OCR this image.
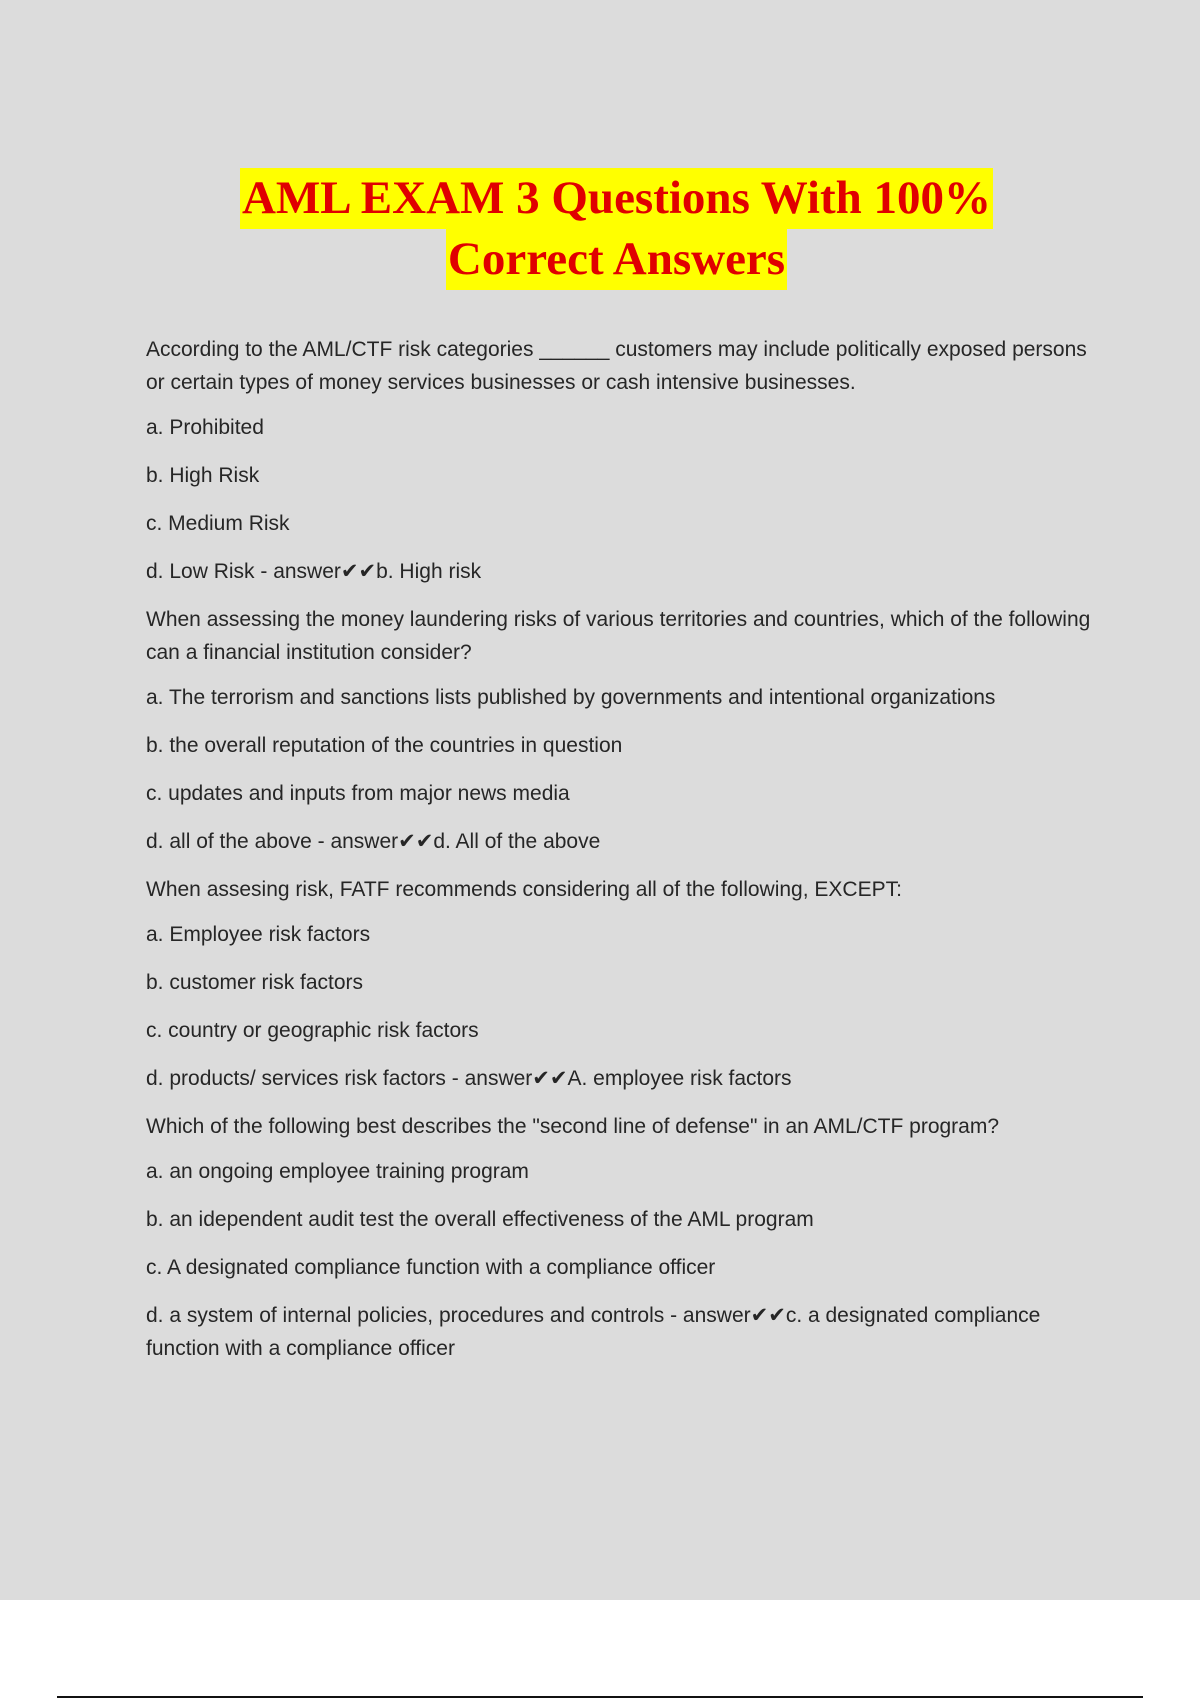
AML EXAM 3 Questions With 100%
Correct Answers

According to the AML/CTF risk categories ______ customers may include politically exposed persons or certain types of money services businesses or cash intensive businesses.

a. Prohibited

b. High Risk

c. Medium Risk

d. Low Risk - answer✔✔b. High risk

When assessing the money laundering risks of various territories and countries, which of the following can a financial institution consider?

a. The terrorism and sanctions lists published by governments and intentional organizations

b. the overall reputation of the countries in question

c. updates and inputs from major news media

d. all of the above - answer✔✔d. All of the above

When assesing risk, FATF recommends considering all of the following, EXCEPT:

a. Employee risk factors

b. customer risk factors

c. country or geographic risk factors

d. products/ services risk factors - answer✔✔A. employee risk factors

Which of the following best describes the "second line of defense" in an AML/CTF program?

a. an ongoing employee training program

b. an idependent audit test the overall effectiveness of the AML program

c. A designated compliance function with a compliance officer

d. a system of internal policies, procedures and controls - answer✔✔c. a designated compliance function with a compliance officer
